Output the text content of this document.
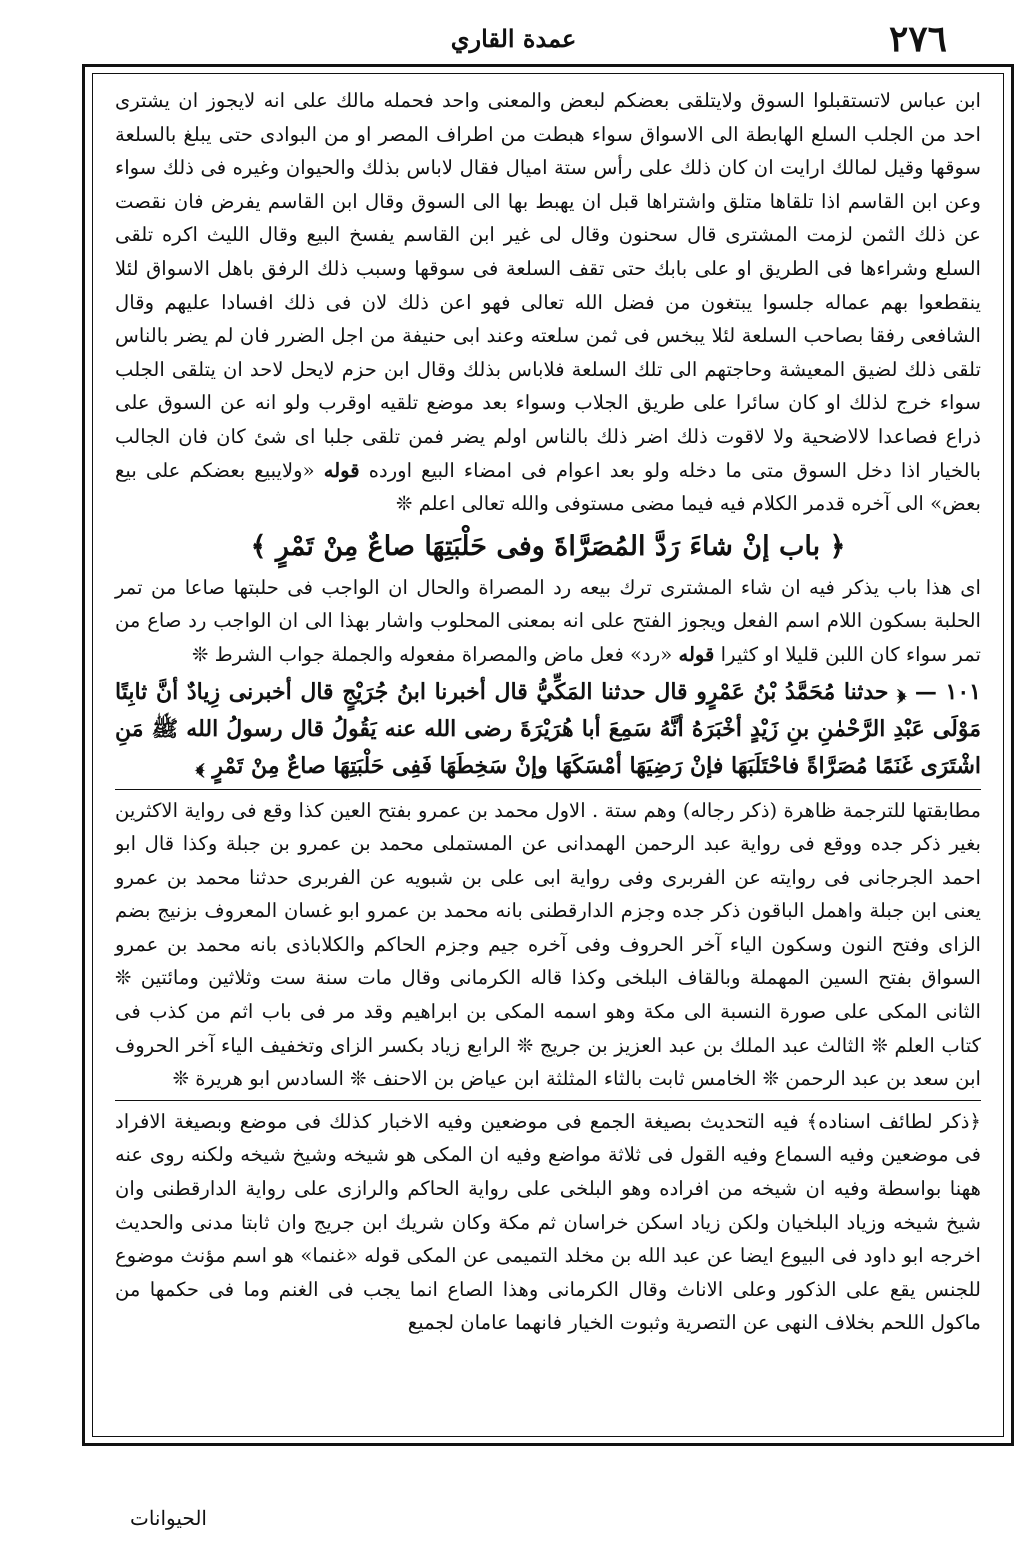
٢٧٦
عمدة القاري

ابن عباس لاتستقبلوا السوق ولايتلقى بعضكم لبعض والمعنى واحد فحمله مالك على انه لايجوز ان يشترى احد من الجلب السلع الهابطة الى الاسواق سواء هبطت من اطراف المصر او من البوادى حتى يبلغ بالسلعة سوقها وقيل لمالك ارايت ان كان ذلك على رأس ستة اميال فقال لاباس بذلك والحيوان وغيره فى ذلك سواء وعن ابن القاسم اذا تلقاها متلق واشتراها قبل ان يهبط بها الى السوق وقال ابن القاسم يفرض فان نقصت عن ذلك الثمن لزمت المشترى قال سحنون وقال لى غير ابن القاسم يفسخ البيع وقال الليث اكره تلقى السلع وشراءها فى الطريق او على بابك حتى تقف السلعة فى سوقها وسبب ذلك الرفق باهل الاسواق لئلا ينقطعوا بهم عماله جلسوا يبتغون من فضل الله تعالى فهو اعن ذلك لان فى ذلك افسادا عليهم وقال الشافعى رفقا بصاحب السلعة لئلا يبخس فى ثمن سلعته وعند ابى حنيفة من اجل الضرر فان لم يضر بالناس تلقى ذلك لضيق المعيشة وحاجتهم الى تلك السلعة فلاباس بذلك وقال ابن حزم لايحل لاحد ان يتلقى الجلب سواء خرج لذلك او كان سائرا على طريق الجلاب وسواء بعد موضع تلقيه اوقرب ولو انه عن السوق على ذراع فصاعدا لالاضحية ولا لاقوت ذلك اضر ذلك بالناس اولم يضر فمن تلقى جلبا اى شئ كان فان الجالب بالخيار اذا دخل السوق متى ما دخله ولو بعد اعوام فى امضاء البيع اورده قوله «ولايبيع بعضكم على بيع بعض» الى آخره قدمر الكلام فيه فيما مضى مستوفى والله تعالى اعلم ❊

﴿ باب إنْ شاءَ رَدَّ المُصَرَّاةَ وفى حَلْبَتِهَا صاعٌ مِنْ تَمْرٍ ﴾

اى هذا باب يذكر فيه ان شاء المشترى ترك بيعه رد المصراة والحال ان الواجب فى حلبتها صاعا من تمر الحلبة بسكون اللام اسم الفعل ويجوز الفتح على انه بمعنى المحلوب واشار بهذا الى ان الواجب رد صاع من تمر سواء كان اللبن قليلا او كثيرا قوله «رد» فعل ماض والمصراة مفعوله والجملة جواب الشرط ❊

١٠١ — ﴿ حدثنا مُحَمَّدُ بْنُ عَمْرٍو قال حدثنا المَكِّيُّ قال أخبرنا ابنُ جُرَيْجٍ قال أخبرنى زِيادٌ أنَّ ثابِتًا مَوْلَى عَبْدِ الرَّحْمٰنِ بنِ زَيْدٍ أخْبَرَهُ أنَّهُ سَمِعَ أبا هُرَيْرَةَ رضى الله عنه يَقُولُ قال رسولُ الله ﷺ مَنِ اشْتَرَى غَنَمًا مُصَرَّاةً فاحْتَلَبَهَا فإنْ رَضِيَهَا أمْسَكَهَا وإنْ سَخِطَهَا فَفِى حَلْبَتِهَا صاعٌ مِنْ تَمْرٍ ﴾

مطابقتها للترجمة ظاهرة (ذكر رجاله) وهم ستة . الاول محمد بن عمرو بفتح العين كذا وقع فى رواية الاكثرين بغير ذكر جده ووقع فى رواية عبد الرحمن الهمدانى عن المستملى محمد بن عمرو بن جبلة وكذا قال ابو احمد الجرجانى فى روايته عن الفربرى وفى رواية ابى على بن شبويه عن الفربرى حدثنا محمد بن عمرو يعنى ابن جبلة واهمل الباقون ذكر جده وجزم الدارقطنى بانه محمد بن عمرو ابو غسان المعروف بزنيج بضم الزاى وفتح النون وسكون الياء آخر الحروف وفى آخره جيم وجزم الحاكم والكلاباذى بانه محمد بن عمرو السواق بفتح السين المهملة وبالقاف البلخى وكذا قاله الكرمانى وقال مات سنة ست وثلاثين ومائتين ❊ الثانى المكى على صورة النسبة الى مكة وهو اسمه المكى بن ابراهيم وقد مر فى باب اثم من كذب فى كتاب العلم ❊ الثالث عبد الملك بن عبد العزيز بن جريج ❊ الرابع زياد بكسر الزاى وتخفيف الياء آخر الحروف ابن سعد بن عبد الرحمن ❊ الخامس ثابت بالثاء المثلثة ابن عياض بن الاحنف ❊ السادس ابو هريرة ❊

﴿ذكر لطائف اسناده﴾ فيه التحديث بصيغة الجمع فى موضعين وفيه الاخبار كذلك فى موضع وبصيغة الافراد فى موضعين وفيه السماع وفيه القول فى ثلاثة مواضع وفيه ان المكى هو شيخه وشيخ شيخه ولكنه روى عنه ههنا بواسطة وفيه ان شيخه من افراده وهو البلخى على رواية الحاكم والرازى على رواية الدارقطنى وان شيخ شيخه وزياد البلخيان ولكن زياد اسكن خراسان ثم مكة وكان شريك ابن جريج وان ثابتا مدنى والحديث اخرجه ابو داود فى البيوع ايضا عن عبد الله بن مخلد التميمى عن المكى قوله «غنما» هو اسم مؤنث موضوع للجنس يقع على الذكور وعلى الاناث وقال الكرمانى وهذا الصاع انما يجب فى الغنم وما فى حكمها من ماكول اللحم بخلاف النهى عن التصرية وثبوت الخيار فانهما عامان لجميع

الحيوانات
